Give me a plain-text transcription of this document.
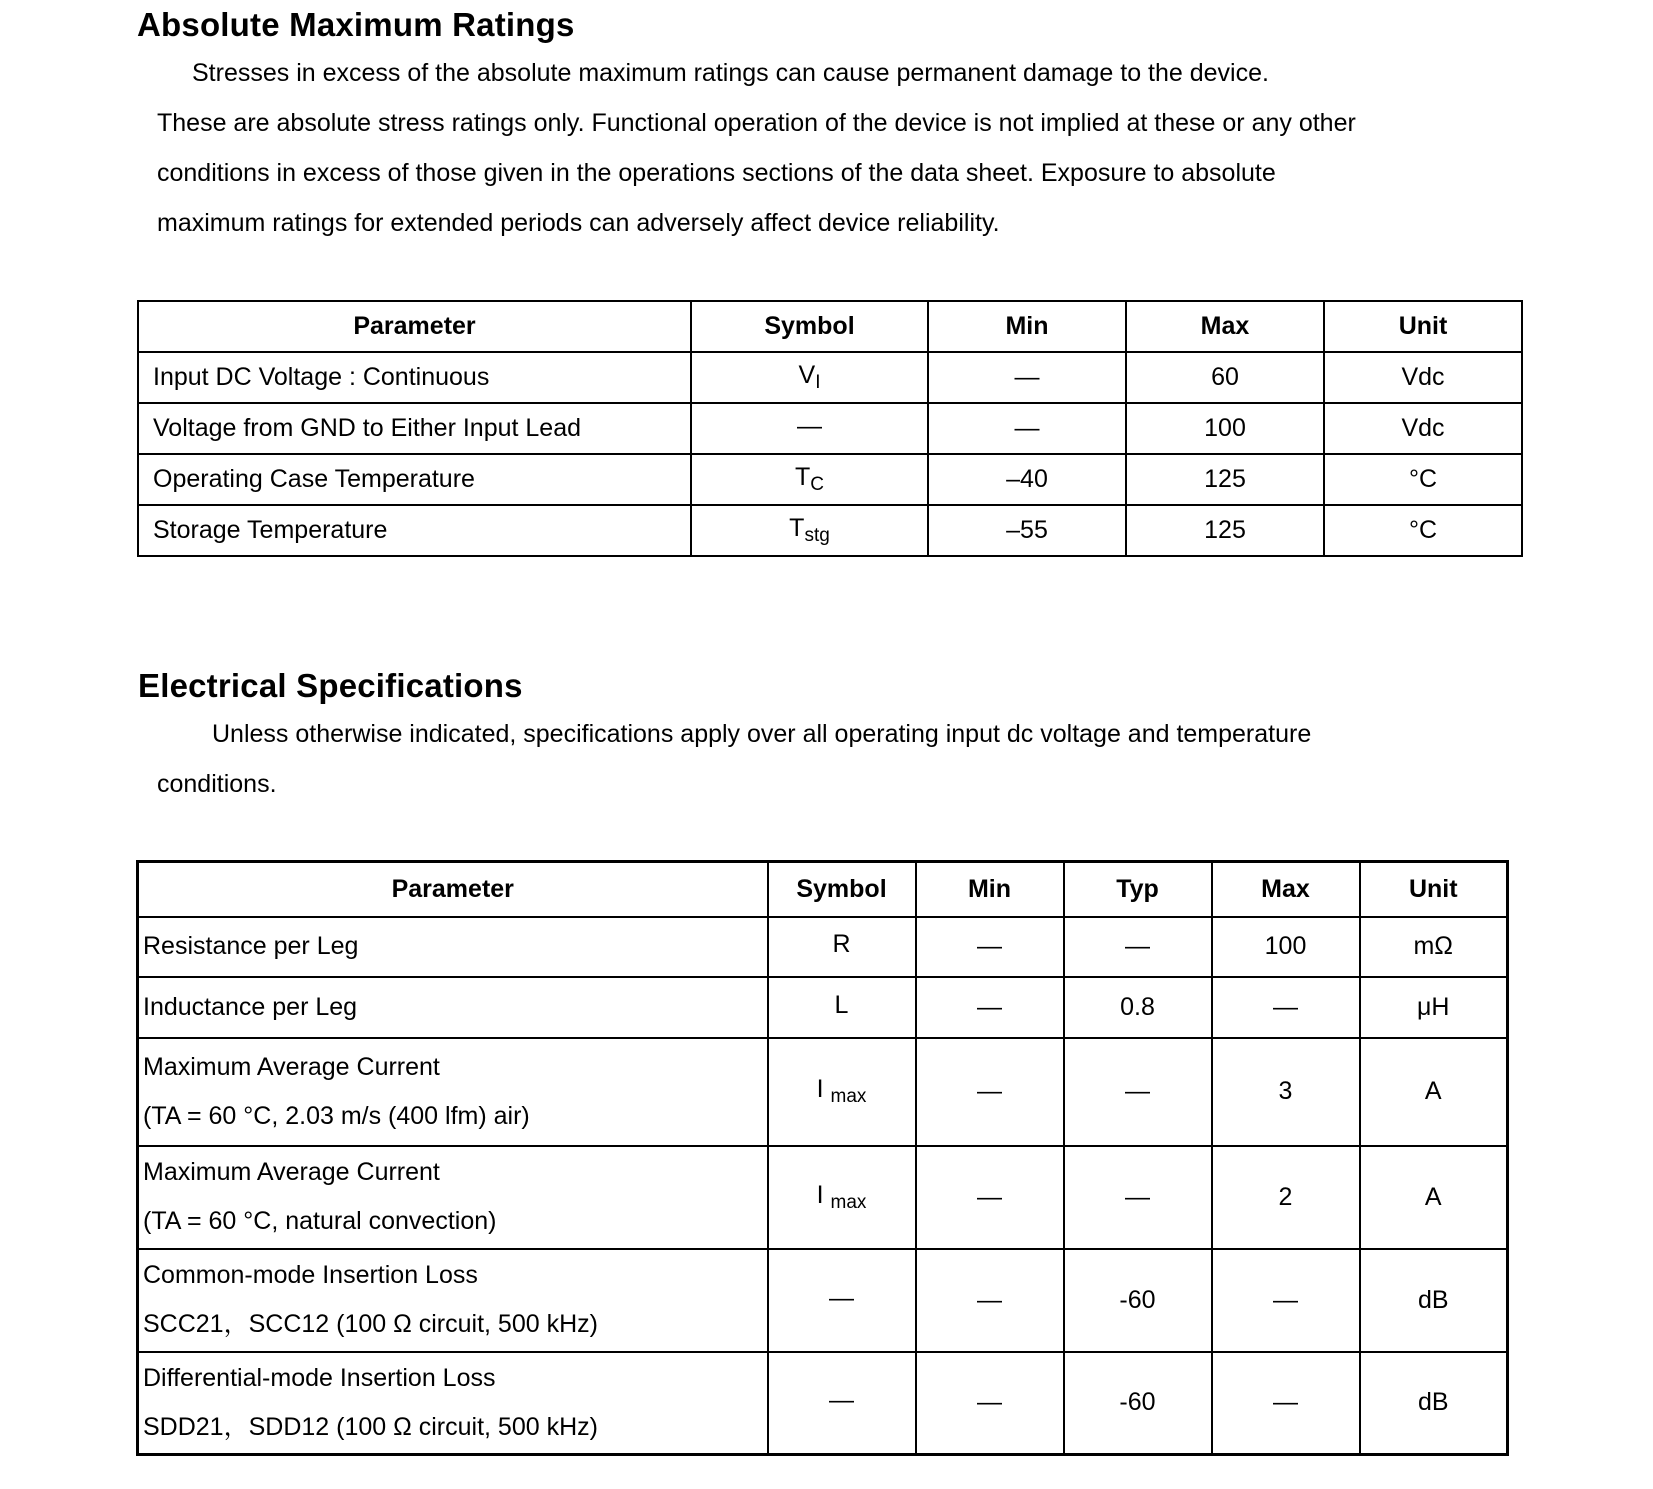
Absolute Maximum Ratings
Stresses in excess of the absolute maximum ratings can cause permanent damage to the device.
These are absolute stress ratings only. Functional operation of the device is not implied at these or any other
conditions in excess of those given in the operations sections of the data sheet. Exposure to absolute
maximum ratings for extended periods can adversely affect device reliability.
Parameter	Symbol	Min	Max	Unit
Input DC Voltage : Continuous	$V_I$	—	60	Vdc
Voltage from GND to Either Input Lead	—	—	100	Vdc
Operating Case Temperature	$T_C$	–40	125	°C
Storage Temperature	$T_{stg}$	–55	125	°C
Electrical Specifications
Unless otherwise indicated, specifications apply over all operating input dc voltage and temperature
conditions.
Parameter	Symbol	Min	Typ	Max	Unit
Resistance per Leg	R	—	—	100	mΩ
Inductance per Leg	L	—	0.8	—	μH

Maximum Average Current
(TA = 60 °C, 2.03 m/s (400 lfm) air)	I $_{max}$	—	—	3	A

Maximum Average Current
(TA = 60 °C, natural convection)	I $_{max}$	—	—	2	A

Common-mode Insertion Loss
SCC21，SCC12 (100 Ω circuit, 500 kHz)	—	—	-60	—	dB

Differential-mode Insertion Loss
SDD21，SDD12 (100 Ω circuit, 500 kHz)	—	—	-60	—	dB
